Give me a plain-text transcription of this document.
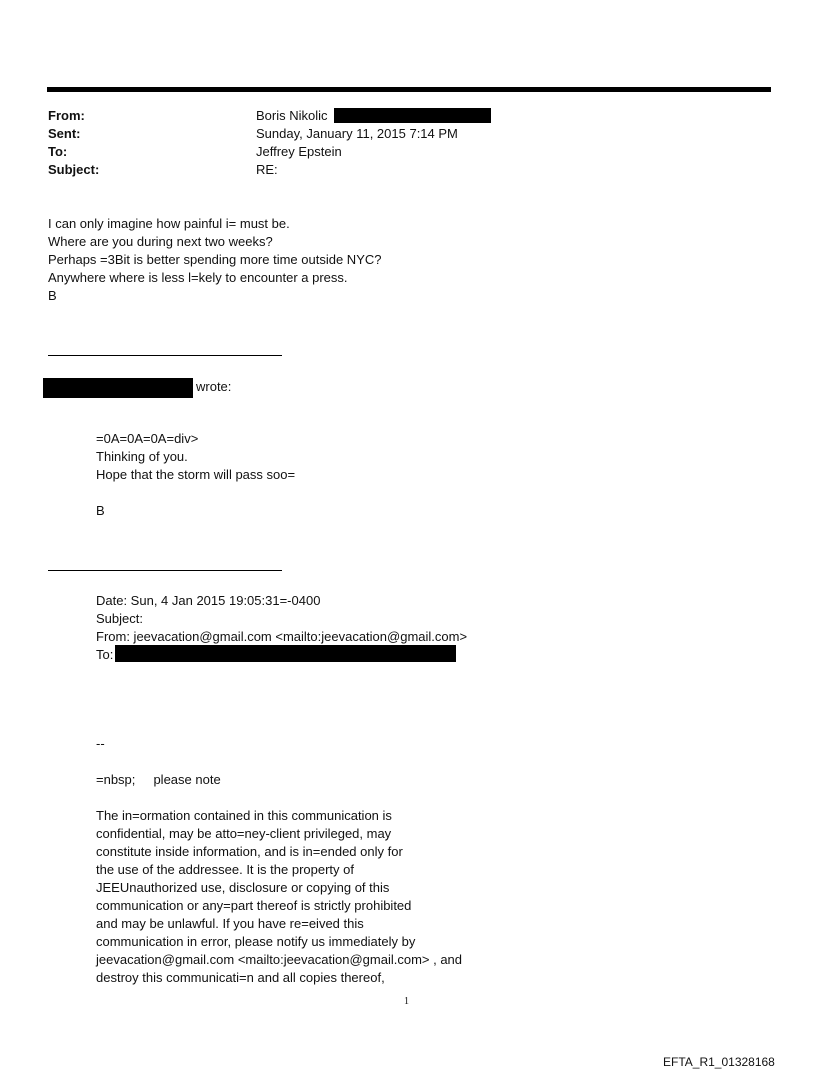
From:
Sent:
To:
Subject:
Boris Nikolic
Sunday, January 11, 2015 7:14 PM
Jeffrey Epstein
RE:
I can only imagine how painful i= must be.
Where are you during next two weeks?
Perhaps =3Bit is better spending more time outside NYC?
Anywhere where is less l=kely to encounter a press.
B
wrote:
=0A=0A=0A=div>
Thinking of you.
Hope that the storm will pass soo=
B
Date: Sun, 4 Jan 2015 19:05:31=-0400
Subject:
From: jeevacation@gmail.com <mailto:jeevacation@gmail.com>
To:
--
=nbsp;     please note
The in=ormation contained in this communication is
confidential, may be atto=ney-client privileged, may
constitute inside information, and is in=ended only for
the use of the addressee. It is the property of
JEEUnauthorized use, disclosure or copying of this
communication or any=part thereof is strictly prohibited
and may be unlawful. If you have re=eived this
communication in error, please notify us immediately by
jeevacation@gmail.com <mailto:jeevacation@gmail.com> , and
destroy this communicati=n and all copies thereof,
1
EFTA_R1_01328168
